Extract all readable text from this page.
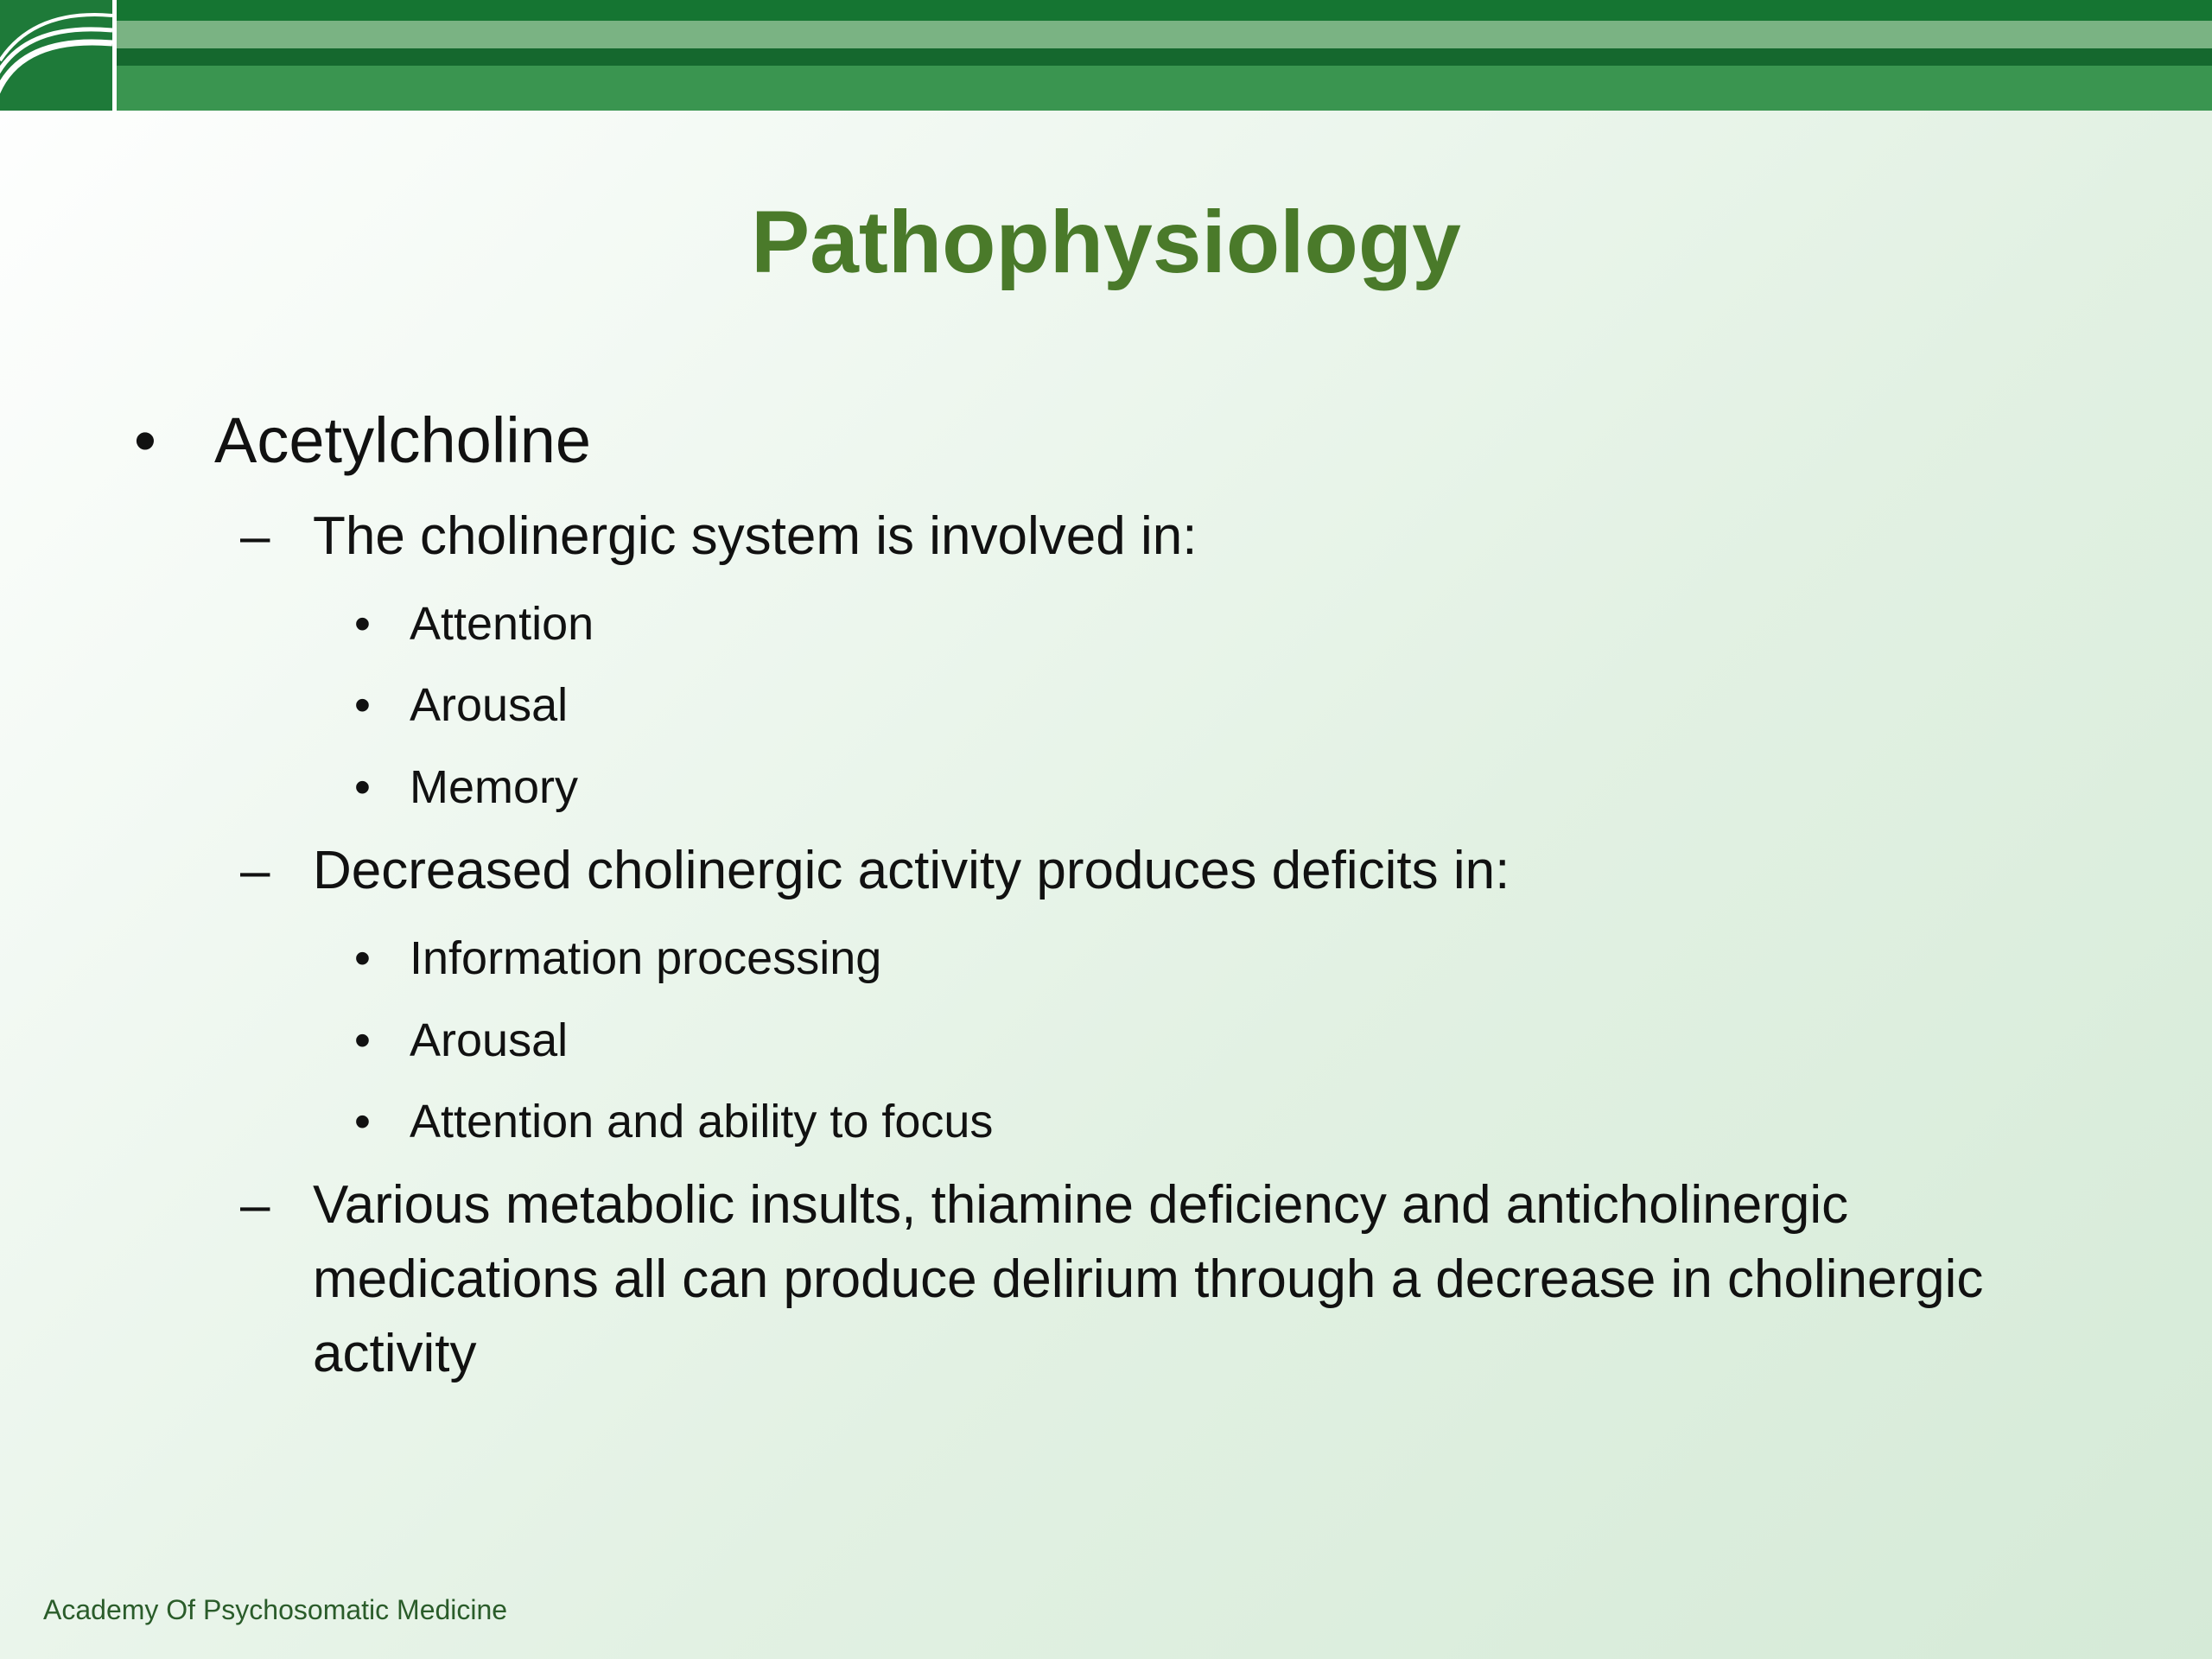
Pathophysiology
• Acetylcholine
– The cholinergic system is involved in:
• Attention
• Arousal
• Memory
– Decreased cholinergic activity produces deficits in:
• Information processing
• Arousal
• Attention and ability to focus
– Various metabolic insults, thiamine deficiency and anticholinergic medications all can produce delirium through a decrease in cholinergic activity
Academy Of Psychosomatic Medicine
